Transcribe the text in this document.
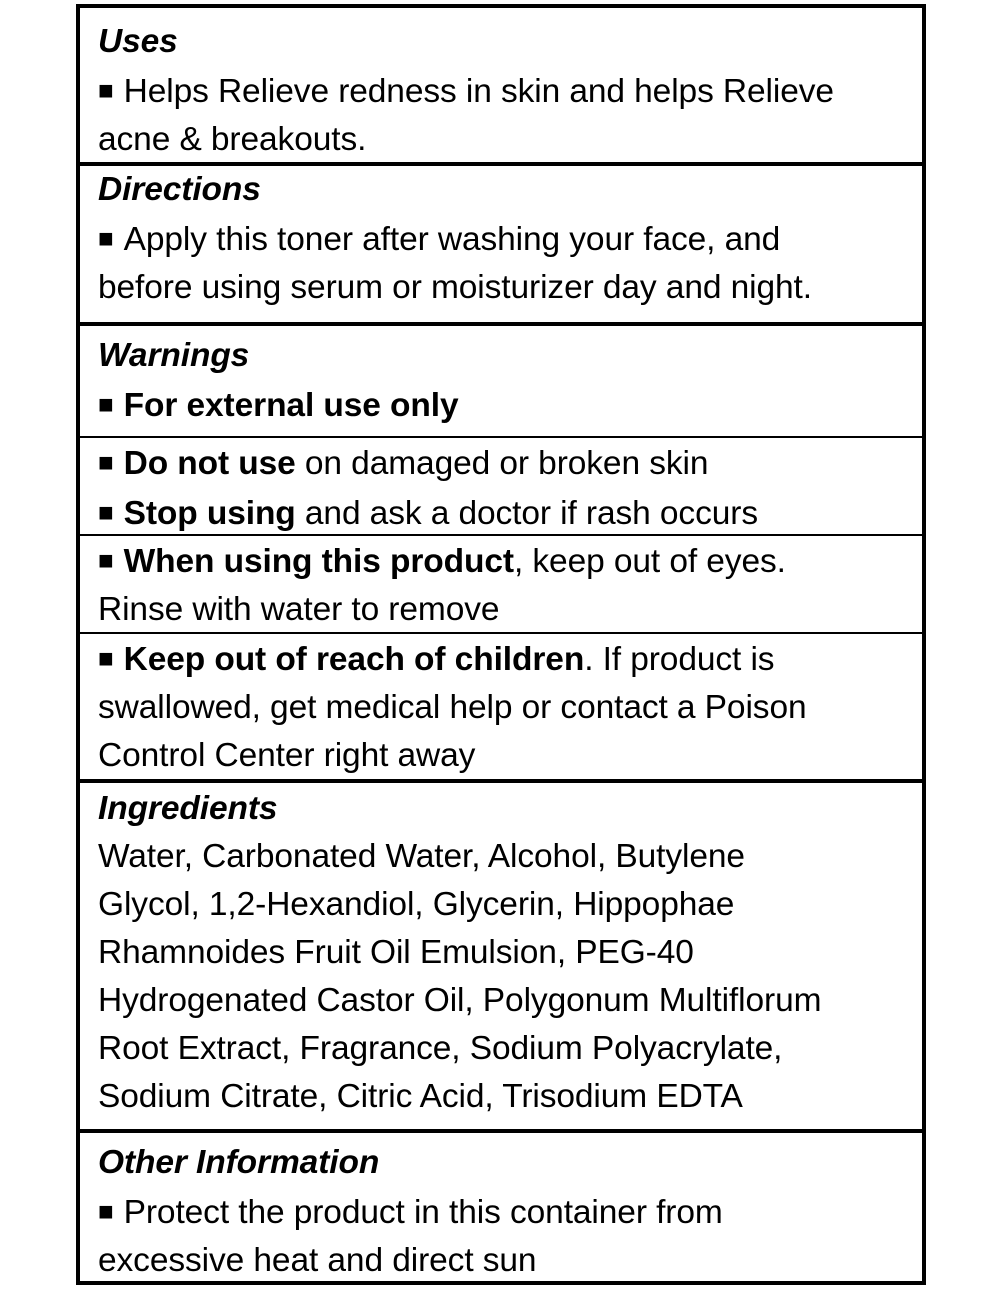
Uses
■ Helps Relieve redness in skin and helps Relieve
acne & breakouts.
Directions
■ Apply this toner after washing your face, and
before using serum or moisturizer day and night.
Warnings
■ For external use only
■ Do not use on damaged or broken skin
■ Stop using and ask a doctor if rash occurs
■ When using this product, keep out of eyes.
Rinse with water to remove
■ Keep out of reach of children. If product is
swallowed, get medical help or contact a Poison
Control Center right away
Ingredients
Water, Carbonated Water, Alcohol, Butylene
Glycol, 1,2-Hexandiol, Glycerin, Hippophae
Rhamnoides Fruit Oil Emulsion, PEG-40
Hydrogenated Castor Oil, Polygonum Multiflorum
Root Extract, Fragrance, Sodium Polyacrylate,
Sodium Citrate, Citric Acid, Trisodium EDTA
Other Information
■ Protect the product in this container from
excessive heat and direct sun
